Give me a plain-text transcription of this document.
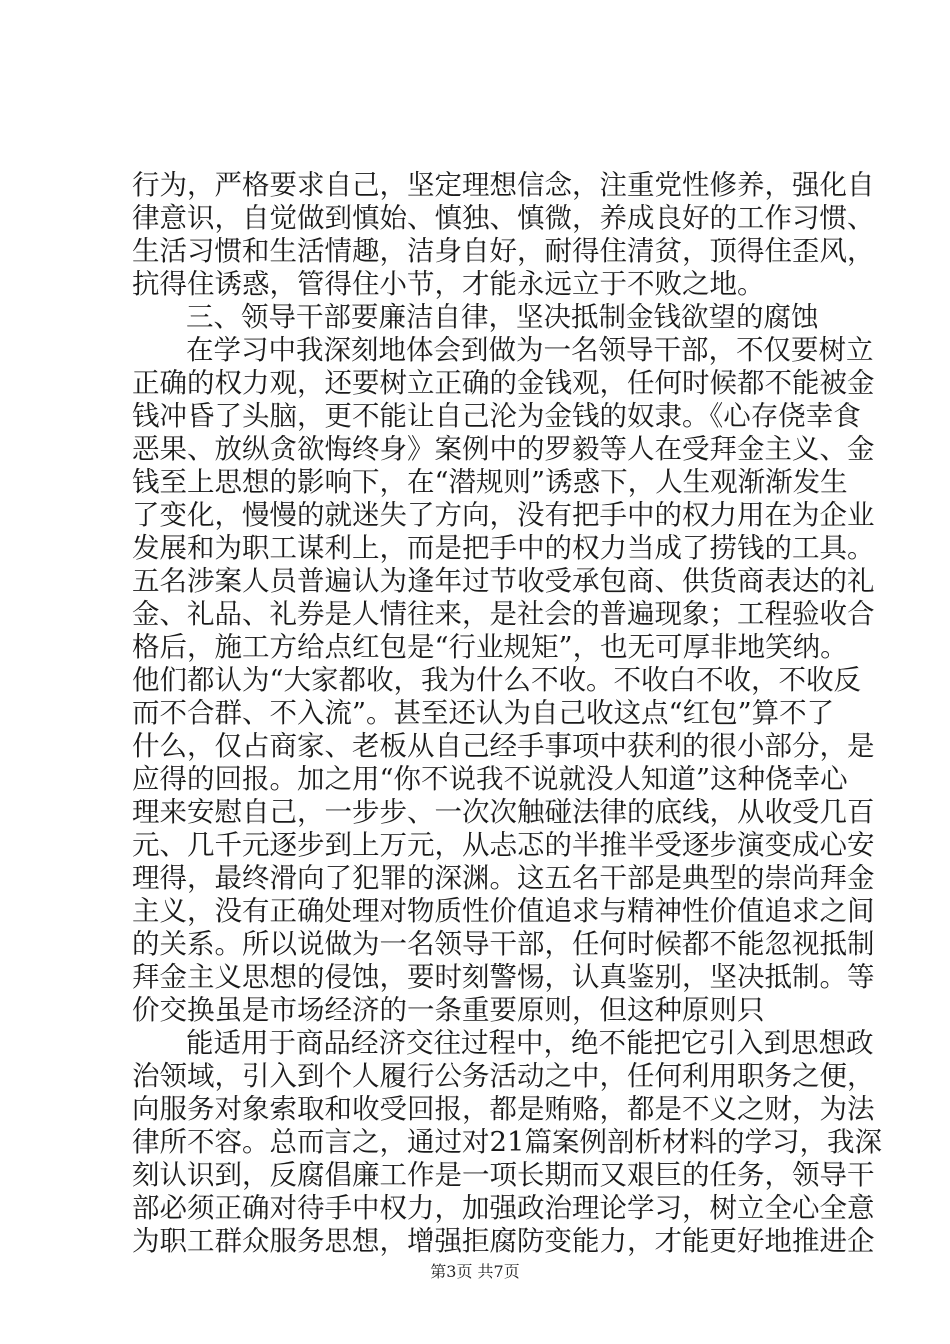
行为，严格要求自己，坚定理想信念，注重党性修养，强化自
律意识，自觉做到慎始、慎独、慎微，养成良好的工作习惯、
生活习惯和生活情趣，洁身自好，耐得住清贫，顶得住歪风，
抗得住诱惑，管得住小节，才能永远立于不败之地。
三、领导干部要廉洁自律，坚决抵制金钱欲望的腐蚀
在学习中我深刻地体会到做为一名领导干部，不仅要树立
正确的权力观，还要树立正确的金钱观，任何时候都不能被金
钱冲昏了头脑，更不能让自己沦为金钱的奴隶。《心存侥幸食
恶果、放纵贪欲悔终身》案例中的罗毅等人在受拜金主义、金
钱至上思想的影响下，在“潜规则”诱惑下，人生观渐渐发生
了变化，慢慢的就迷失了方向，没有把手中的权力用在为企业
发展和为职工谋利上，而是把手中的权力当成了捞钱的工具。
五名涉案人员普遍认为逢年过节收受承包商、供货商表达的礼
金、礼品、礼券是人情往来，是社会的普遍现象；工程验收合
格后，施工方给点红包是“行业规矩”，也无可厚非地笑纳。
他们都认为“大家都收，我为什么不收。不收白不收，不收反
而不合群、不入流”。甚至还认为自己收这点“红包”算不了
什么，仅占商家、老板从自己经手事项中获利的很小部分，是
应得的回报。加之用“你不说我不说就没人知道”这种侥幸心
理来安慰自己，一步步、一次次触碰法律的底线，从收受几百
元、几千元逐步到上万元，从忐忑的半推半受逐步演变成心安
理得，最终滑向了犯罪的深渊。这五名干部是典型的崇尚拜金
主义，没有正确处理对物质性价值追求与精神性价值追求之间
的关系。所以说做为一名领导干部，任何时候都不能忽视抵制
拜金主义思想的侵蚀，要时刻警惕，认真鉴别，坚决抵制。等
价交换虽是市场经济的一条重要原则，但这种原则只
能适用于商品经济交往过程中，绝不能把它引入到思想政
治领域，引入到个人履行公务活动之中，任何利用职务之便，
向服务对象索取和收受回报，都是贿赂，都是不义之财，为法
律所不容。总而言之，通过对21篇案例剖析材料的学习，我深
刻认识到，反腐倡廉工作是一项长期而又艰巨的任务，领导干
部必须正确对待手中权力，加强政治理论学习，树立全心全意
为职工群众服务思想，增强拒腐防变能力，才能更好地推进企
第3页 共7页
